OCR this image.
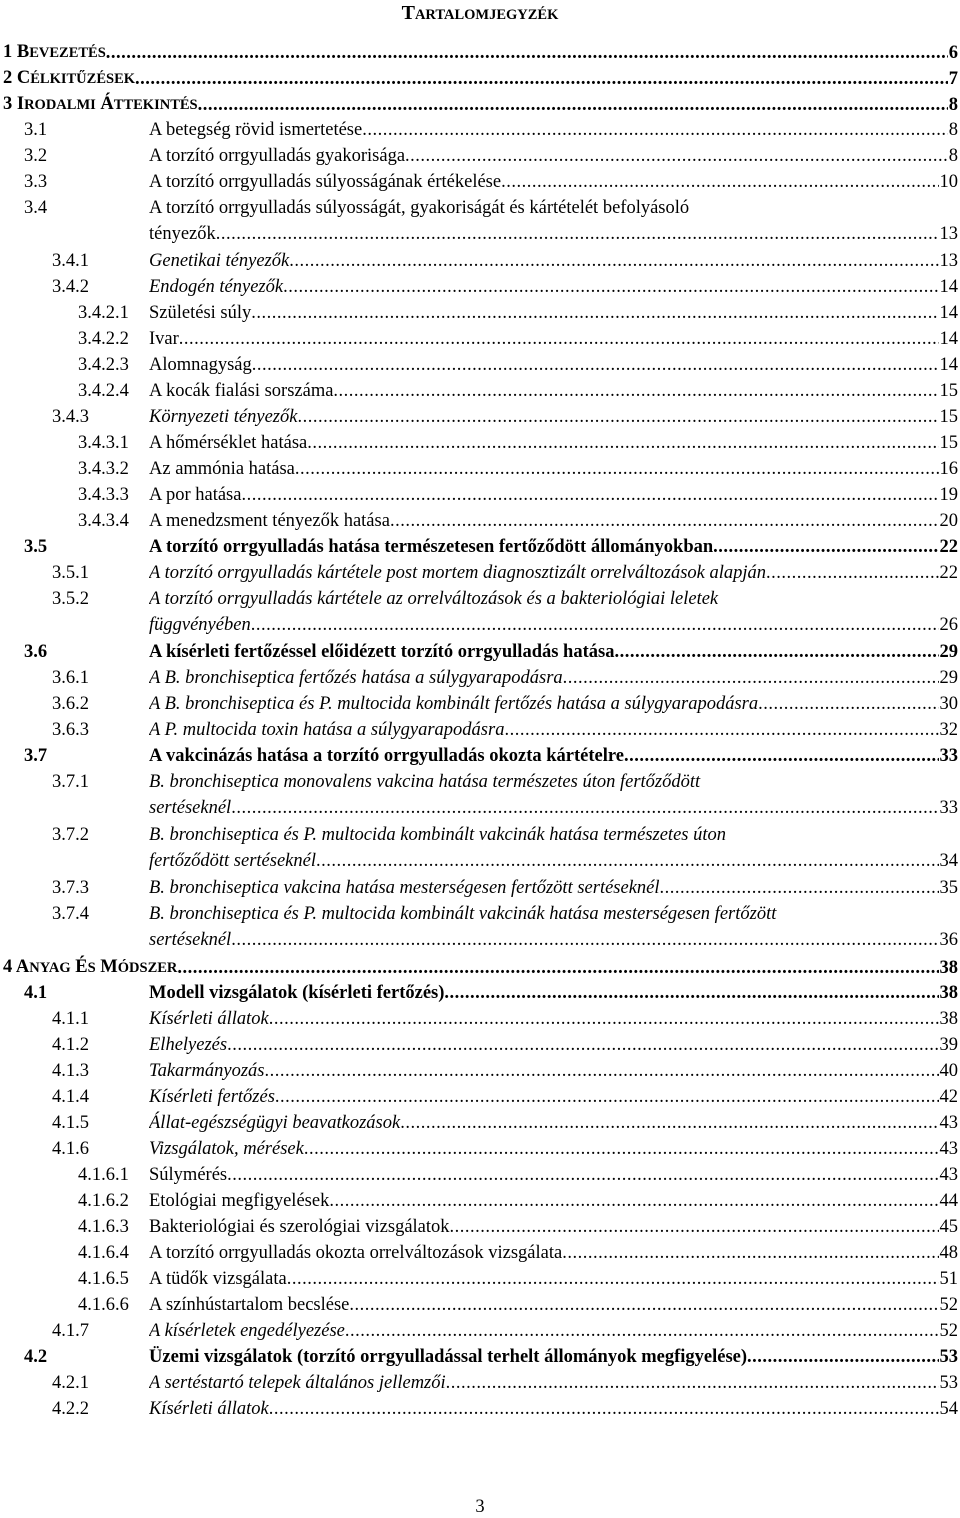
TARTALOMJEGYZÉK
1 BEVEZETÉS .....	6
2 CÉLKITŰZÉSEK .....	7
3 IRODALMI ÁTTEKINTÉS .....	8
3.1	A betegség rövid ismertetése .....	8
3.2	A torzító orrgyulladás gyakorisága .....	8
3.3	A torzító orrgyulladás súlyosságának értékelése .....	10
3.4	A torzító orrgyulladás súlyosságát, gyakoriságát és kártételét befolyásoló
tényezők .....	13
3.4.1	Genetikai tényezők .....	13
3.4.2	Endogén tényezők .....	14
3.4.2.1 Születési súly .....	14
3.4.2.2 Ivar .....	14
3.4.2.3 Alomnagyság .....	14
3.4.2.4 A kocák fialási sorszáma .....	15
3.4.3	Környezeti tényezők .....	15
3.4.3.1 A hőmérséklet hatása .....	15
3.4.3.2 Az ammónia hatása .....	16
3.4.3.3 A por hatása .....	19
3.4.3.4 A menedzsment tényezők hatása .....	20
3.5	A torzító orrgyulladás hatása természetesen fertőződött állományokban .....	22
3.5.1	A torzító orrgyulladás kártétele post mortem diagnosztizált orrelváltozások alapján .....	22
3.5.2	A torzító orrgyulladás kártétele az orrelváltozások és a bakteriológiai leletek
függvényében .....	26
3.6	A kísérleti fertőzéssel előidézett torzító orrgyulladás hatása .....	29
3.6.1	A B. bronchiseptica fertőzés hatása a súlygyarapodásra .....	29
3.6.2	A B. bronchiseptica és P. multocida kombinált fertőzés hatása a súlygyarapodásra .....	30
3.6.3	A P. multocida toxin hatása a súlygyarapodásra .....	32
3.7	A vakcinázás hatása a torzító orrgyulladás okozta kártételre .....	33
3.7.1	B. bronchiseptica monovalens vakcina hatása természetes úton fertőződött
sertéseknél .....	33
3.7.2	B. bronchiseptica és P. multocida kombinált vakcinák hatása természetes úton
fertőződött sertéseknél .....	34
3.7.3	B. bronchiseptica vakcina hatása mesterségesen fertőzött sertéseknél .....	35
3.7.4	B. bronchiseptica és P. multocida kombinált vakcinák hatása mesterségesen fertőzött
sertéseknél .....	36
4 ANYAG ÉS MÓDSZER .....	38
4.1	Modell vizsgálatok (kísérleti fertőzés) .....	38
4.1.1	Kísérleti állatok .....	38
4.1.2	Elhelyezés .....	39
4.1.3	Takarmányozás .....	40
4.1.4	Kísérleti fertőzés .....	42
4.1.5	Állat-egészségügyi beavatkozások .....	43
4.1.6	Vizsgálatok, mérések .....	43
4.1.6.1 Súlymérés .....	43
4.1.6.2 Etológiai megfigyelések .....	44
4.1.6.3 Bakteriológiai és szerológiai vizsgálatok .....	45
4.1.6.4 A torzító orrgyulladás okozta orrelváltozások vizsgálata .....	48
4.1.6.5 A tüdők vizsgálata .....	51
4.1.6.6 A színhústartalom becslése .....	52
4.1.7	A kísérletek engedélyezése .....	52
4.2	Üzemi vizsgálatok (torzító orrgyulladással terhelt állományok megfigyelése) .....	53
4.2.1	A sertéstartó telepek általános jellemzői .....	53
4.2.2	Kísérleti állatok .....	54
3
